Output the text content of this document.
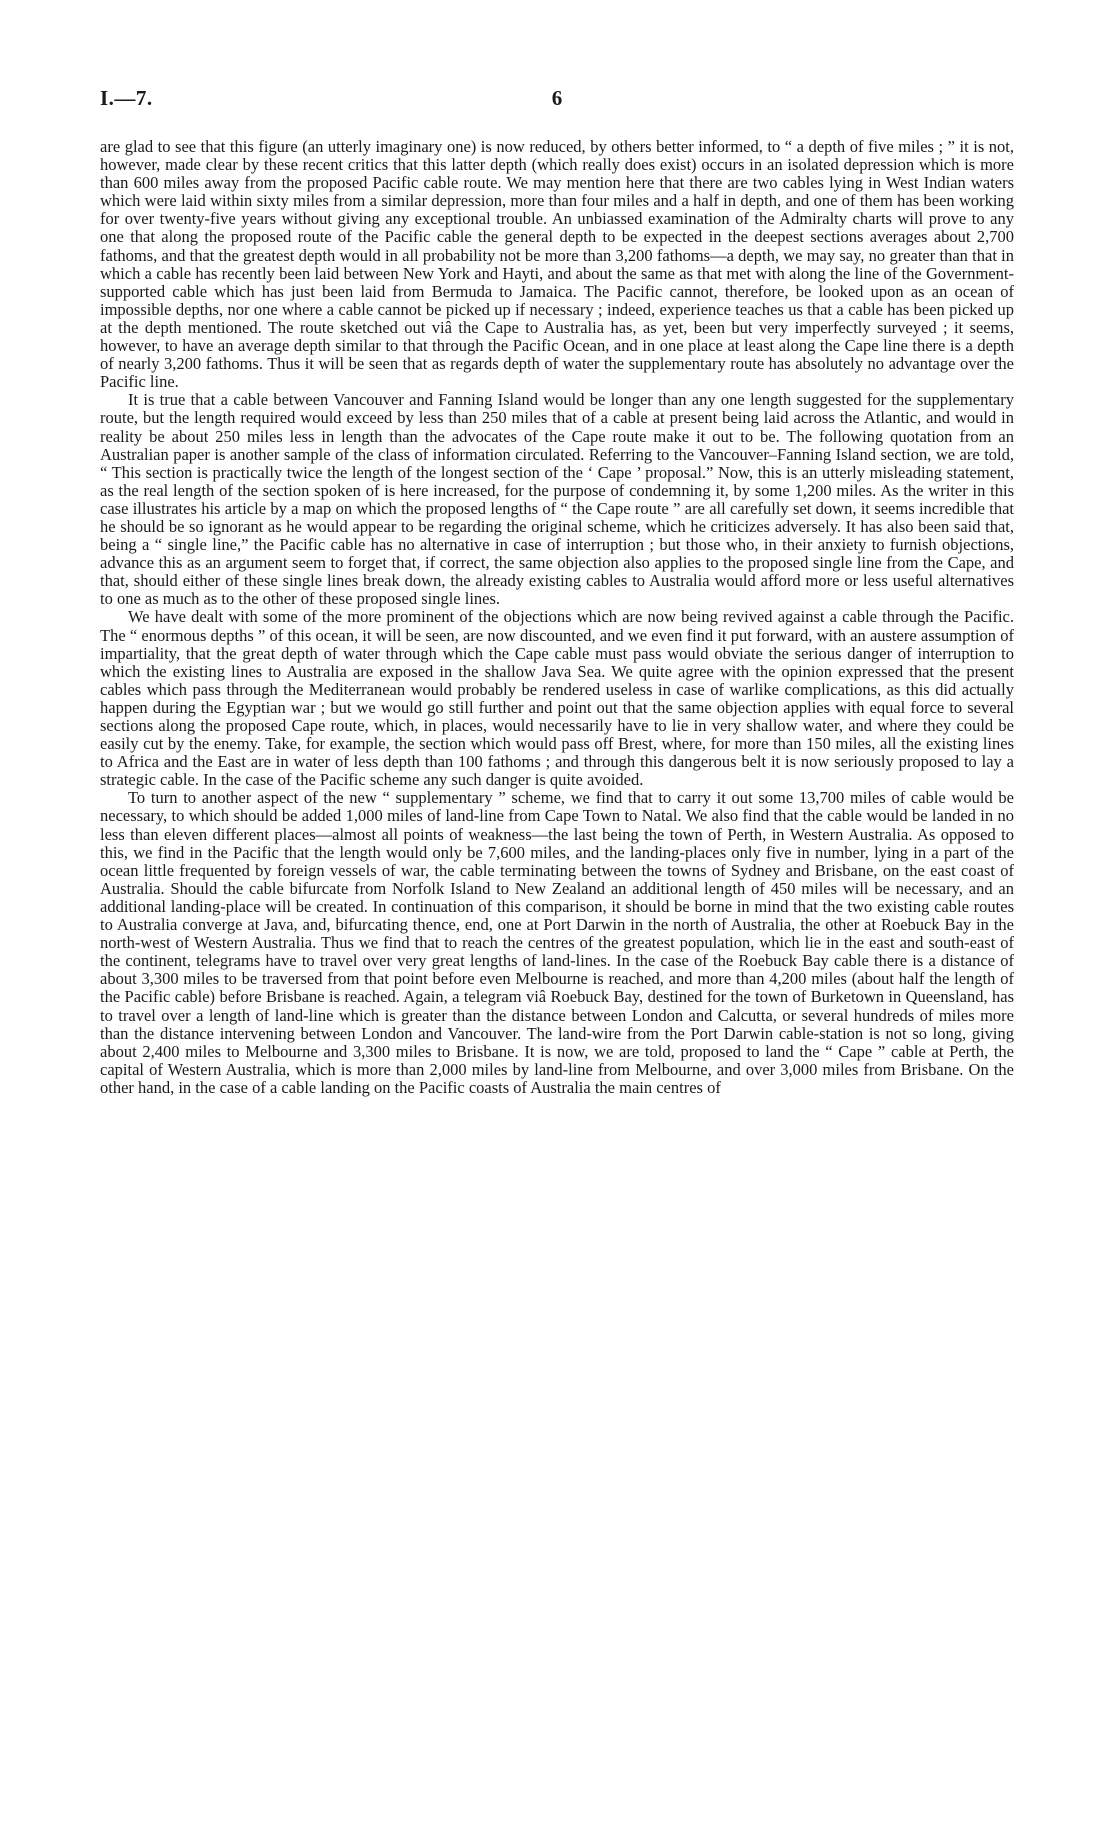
I.—7.	6

are glad to see that this figure (an utterly imaginary one) is now reduced, by others better informed, to “ a depth of five miles ; ” it is not, however, made clear by these recent critics that this latter depth (which really does exist) occurs in an isolated depression which is more than 600 miles away from the proposed Pacific cable route. We may mention here that there are two cables lying in West Indian waters which were laid within sixty miles from a similar depression, more than four miles and a half in depth, and one of them has been working for over twenty-five years without giving any exceptional trouble. An unbiassed examination of the Admiralty charts will prove to any one that along the proposed route of the Pacific cable the general depth to be expected in the deepest sections averages about 2,700 fathoms, and that the greatest depth would in all probability not be more than 3,200 fathoms—a depth, we may say, no greater than that in which a cable has recently been laid between New York and Hayti, and about the same as that met with along the line of the Government-supported cable which has just been laid from Bermuda to Jamaica. The Pacific cannot, therefore, be looked upon as an ocean of impossible depths, nor one where a cable cannot be picked up if necessary ; indeed, experience teaches us that a cable has been picked up at the depth mentioned. The route sketched out viâ the Cape to Australia has, as yet, been but very imperfectly surveyed ; it seems, however, to have an average depth similar to that through the Pacific Ocean, and in one place at least along the Cape line there is a depth of nearly 3,200 fathoms. Thus it will be seen that as regards depth of water the supplementary route has absolutely no advantage over the Pacific line.

It is true that a cable between Vancouver and Fanning Island would be longer than any one length suggested for the supplementary route, but the length required would exceed by less than 250 miles that of a cable at present being laid across the Atlantic, and would in reality be about 250 miles less in length than the advocates of the Cape route make it out to be. The following quotation from an Australian paper is another sample of the class of information circulated. Referring to the Vancouver–Fanning Island section, we are told, “ This section is practically twice the length of the longest section of the ‘ Cape ’ proposal.” Now, this is an utterly misleading statement, as the real length of the section spoken of is here increased, for the purpose of condemning it, by some 1,200 miles. As the writer in this case illustrates his article by a map on which the proposed lengths of “ the Cape route ” are all carefully set down, it seems incredible that he should be so ignorant as he would appear to be regarding the original scheme, which he criticizes adversely. It has also been said that, being a “ single line,” the Pacific cable has no alternative in case of interruption ; but those who, in their anxiety to furnish objections, advance this as an argument seem to forget that, if correct, the same objection also applies to the proposed single line from the Cape, and that, should either of these single lines break down, the already existing cables to Australia would afford more or less useful alternatives to one as much as to the other of these proposed single lines.

We have dealt with some of the more prominent of the objections which are now being revived against a cable through the Pacific. The “ enormous depths ” of this ocean, it will be seen, are now discounted, and we even find it put forward, with an austere assumption of impartiality, that the great depth of water through which the Cape cable must pass would obviate the serious danger of interruption to which the existing lines to Australia are exposed in the shallow Java Sea. We quite agree with the opinion expressed that the present cables which pass through the Mediterranean would probably be rendered useless in case of warlike complications, as this did actually happen during the Egyptian war ; but we would go still further and point out that the same objection applies with equal force to several sections along the proposed Cape route, which, in places, would necessarily have to lie in very shallow water, and where they could be easily cut by the enemy. Take, for example, the section which would pass off Brest, where, for more than 150 miles, all the existing lines to Africa and the East are in water of less depth than 100 fathoms ; and through this dangerous belt it is now seriously proposed to lay a strategic cable. In the case of the Pacific scheme any such danger is quite avoided.

To turn to another aspect of the new “ supplementary ” scheme, we find that to carry it out some 13,700 miles of cable would be necessary, to which should be added 1,000 miles of land-line from Cape Town to Natal. We also find that the cable would be landed in no less than eleven different places—almost all points of weakness—the last being the town of Perth, in Western Australia. As opposed to this, we find in the Pacific that the length would only be 7,600 miles, and the landing-places only five in number, lying in a part of the ocean little frequented by foreign vessels of war, the cable terminating between the towns of Sydney and Brisbane, on the east coast of Australia. Should the cable bifurcate from Norfolk Island to New Zealand an additional length of 450 miles will be necessary, and an additional landing-place will be created. In continuation of this comparison, it should be borne in mind that the two existing cable routes to Australia converge at Java, and, bifurcating thence, end, one at Port Darwin in the north of Australia, the other at Roebuck Bay in the north-west of Western Australia. Thus we find that to reach the centres of the greatest population, which lie in the east and south-east of the continent, telegrams have to travel over very great lengths of land-lines. In the case of the Roebuck Bay cable there is a distance of about 3,300 miles to be traversed from that point before even Melbourne is reached, and more than 4,200 miles (about half the length of the Pacific cable) before Brisbane is reached. Again, a telegram viâ Roebuck Bay, destined for the town of Burketown in Queensland, has to travel over a length of land-line which is greater than the distance between London and Calcutta, or several hundreds of miles more than the distance intervening between London and Vancouver. The land-wire from the Port Darwin cable-station is not so long, giving about 2,400 miles to Melbourne and 3,300 miles to Brisbane. It is now, we are told, proposed to land the “ Cape ” cable at Perth, the capital of Western Australia, which is more than 2,000 miles by land-line from Melbourne, and over 3,000 miles from Brisbane. On the other hand, in the case of a cable landing on the Pacific coasts of Australia the main centres of
